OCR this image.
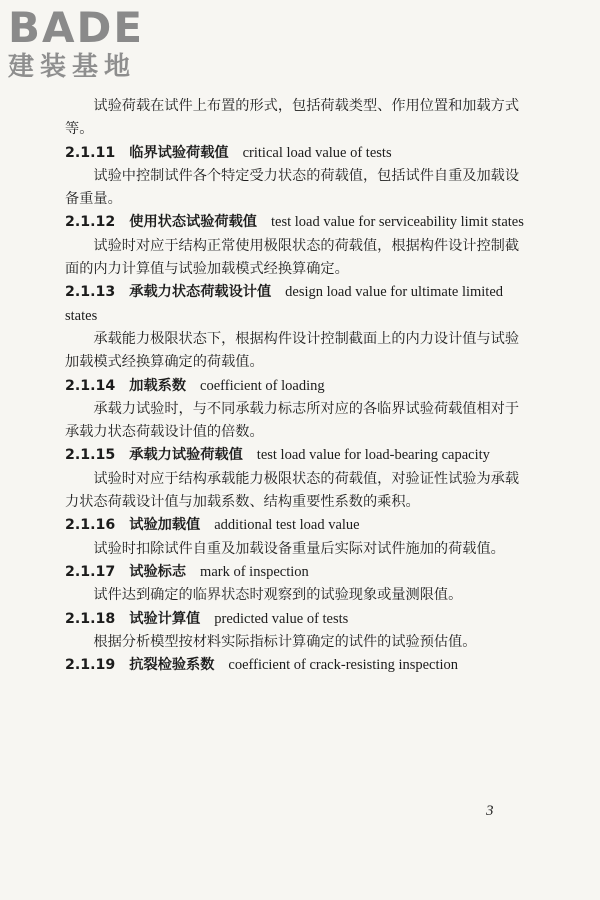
BADE
建装基地

试验荷载在试件上布置的形式，包括荷载类型、作用位置和加载方式等。

2.1.11 临界试验荷载值 critical load value of tests

试验中控制试件各个特定受力状态的荷载值，包括试件自重及加载设备重量。

2.1.12 使用状态试验荷载值 test load value for serviceability limit states

试验时对应于结构正常使用极限状态的荷载值，根据构件设计控制截面的内力计算值与试验加载模式经换算确定。

2.1.13 承载力状态荷载设计值 design load value for ultimate limited states

承载能力极限状态下，根据构件设计控制截面上的内力设计值与试验加载模式经换算确定的荷载值。

2.1.14 加载系数 coefficient of loading

承载力试验时，与不同承载力标志所对应的各临界试验荷载值相对于承载力状态荷载设计值的倍数。

2.1.15 承载力试验荷载值 test load value for load-bearing capacity

试验时对应于结构承载能力极限状态的荷载值，对验证性试验为承载力状态荷载设计值与加载系数、结构重要性系数的乘积。

2.1.16 试验加载值 additional test load value

试验时扣除试件自重及加载设备重量后实际对试件施加的荷载值。

2.1.17 试验标志 mark of inspection

试件达到确定的临界状态时观察到的试验现象或量测限值。

2.1.18 试验计算值 predicted value of tests

根据分析模型按材料实际指标计算确定的试件的试验预估值。

2.1.19 抗裂检验系数 coefficient of crack-resisting inspection

3
